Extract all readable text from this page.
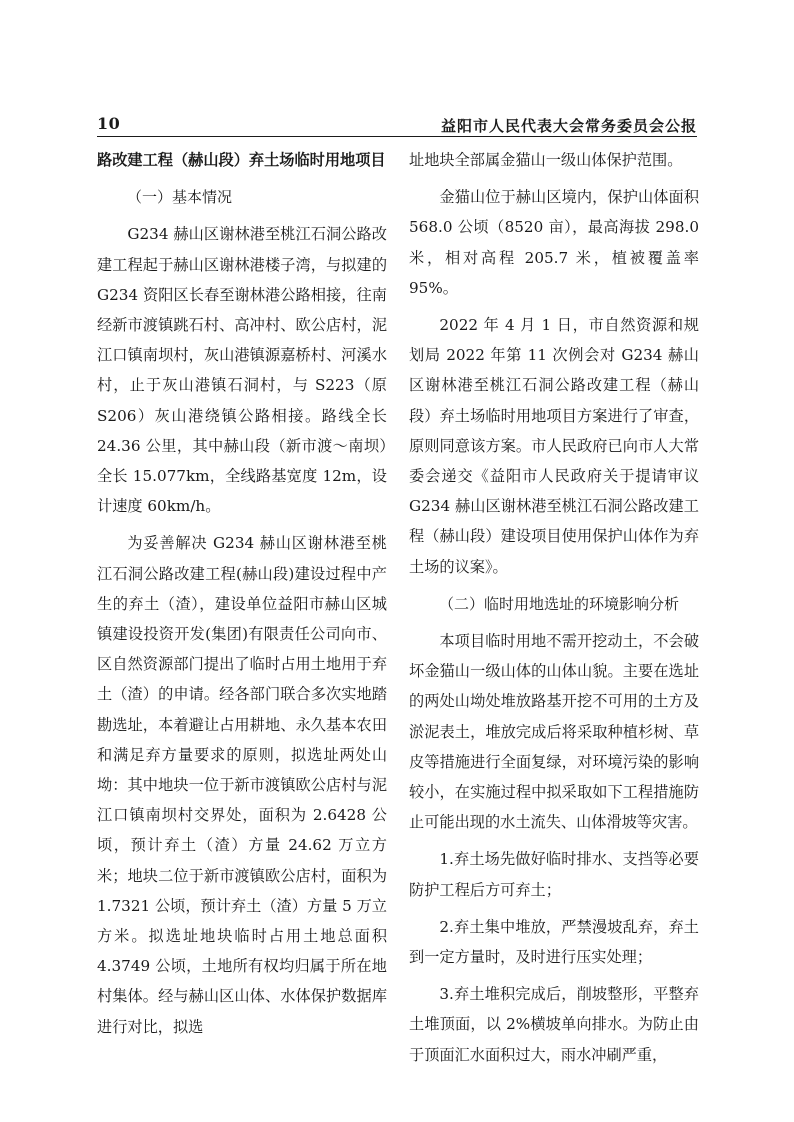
10	益阳市人民代表大会常务委员会公报

路改建工程（赫山段）弃土场临时用地项目

（一）基本情况

G234 赫山区谢林港至桃江石洞公路改建工程起于赫山区谢林港楼子湾，与拟建的 G234 资阳区长春至谢林港公路相接，往南经新市渡镇跳石村、高冲村、欧公店村，泥江口镇南坝村，灰山港镇源嘉桥村、河溪水村，止于灰山港镇石洞村，与 S223（原 S206）灰山港绕镇公路相接。路线全长 24.36 公里，其中赫山段（新市渡～南坝）全长 15.077km，全线路基宽度 12m，设计速度 60km/h。

为妥善解决 G234 赫山区谢林港至桃江石洞公路改建工程(赫山段)建设过程中产生的弃土（渣），建设单位益阳市赫山区城镇建设投资开发(集团)有限责任公司向市、区自然资源部门提出了临时占用土地用于弃土（渣）的申请。经各部门联合多次实地踏勘选址，本着避让占用耕地、永久基本农田和满足弃方量要求的原则，拟选址两处山坳：其中地块一位于新市渡镇欧公店村与泥江口镇南坝村交界处，面积为 2.6428 公顷，预计弃土（渣）方量 24.62 万立方米；地块二位于新市渡镇欧公店村，面积为 1.7321 公顷，预计弃土（渣）方量 5 万立方米。拟选址地块临时占用土地总面积 4.3749 公顷，土地所有权均归属于所在地村集体。经与赫山区山体、水体保护数据库进行对比，拟选

址地块全部属金猫山一级山体保护范围。

金猫山位于赫山区境内，保护山体面积 568.0 公顷（8520 亩），最高海拔 298.0 米，相对高程 205.7 米，植被覆盖率 95%。

2022 年 4 月 1 日，市自然资源和规划局 2022 年第 11 次例会对 G234 赫山区谢林港至桃江石洞公路改建工程（赫山段）弃土场临时用地项目方案进行了审查，原则同意该方案。市人民政府已向市人大常委会递交《益阳市人民政府关于提请审议 G234 赫山区谢林港至桃江石洞公路改建工程（赫山段）建设项目使用保护山体作为弃土场的议案》。

（二）临时用地选址的环境影响分析

本项目临时用地不需开挖动土，不会破坏金猫山一级山体的山体山貌。主要在选址的两处山坳处堆放路基开挖不可用的土方及淤泥表土，堆放完成后将采取种植杉树、草皮等措施进行全面复绿，对环境污染的影响较小，在实施过程中拟采取如下工程措施防止可能出现的水土流失、山体滑坡等灾害。

1.弃土场先做好临时排水、支挡等必要防护工程后方可弃土；

2.弃土集中堆放，严禁漫坡乱弃，弃土到一定方量时，及时进行压实处理；

3.弃土堆积完成后，削坡整形，平整弃土堆顶面，以 2%横坡单向排水。为防止由于顶面汇水面积过大，雨水冲刷严重，
